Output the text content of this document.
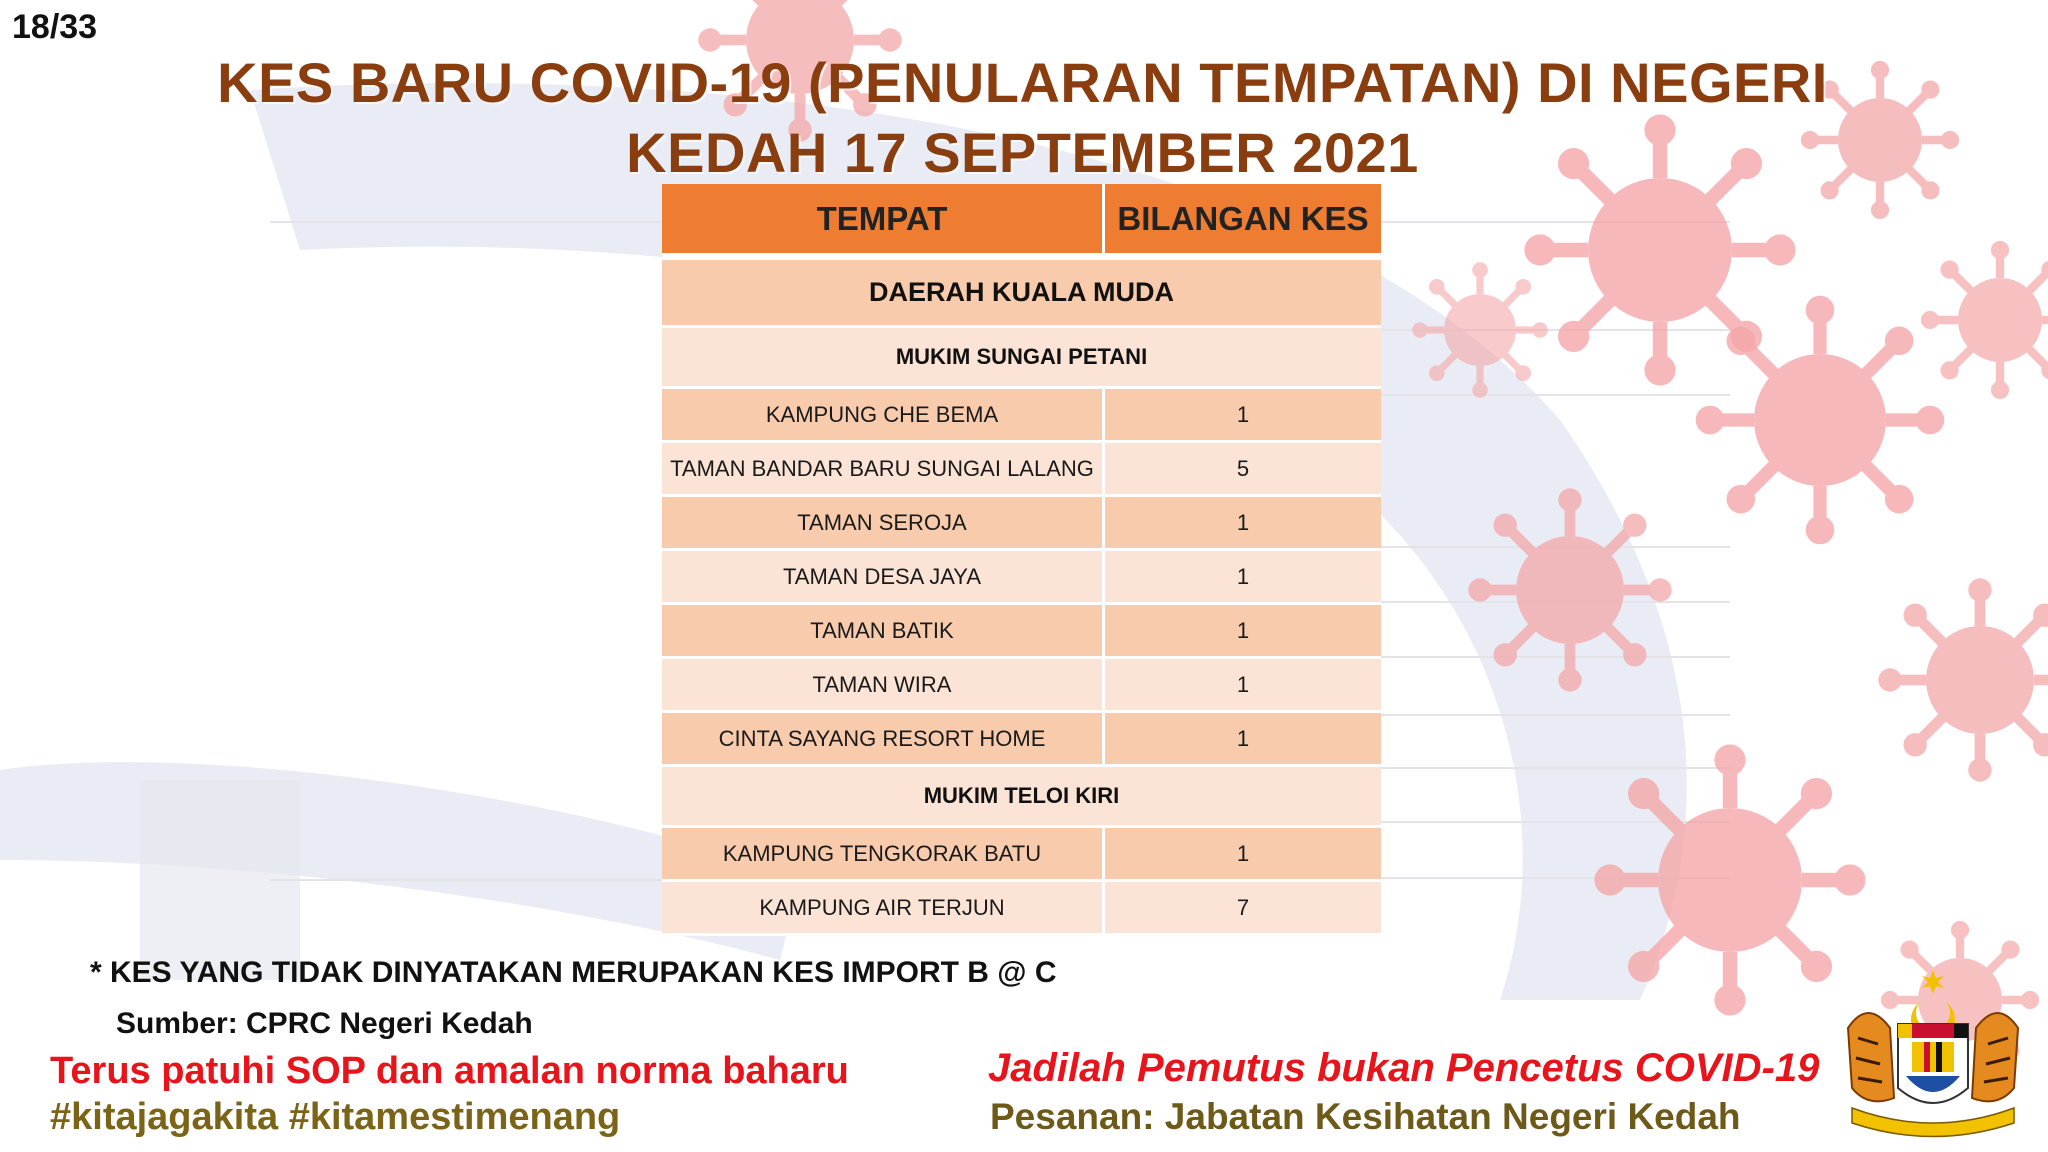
18/33
KES BARU COVID-19 (PENULARAN TEMPATAN) DI NEGERI
KEDAH 17 SEPTEMBER 2021
TEMPAT	BILANGAN KES
DAERAH KUALA MUDA
MUKIM SUNGAI PETANI
KAMPUNG CHE BEMA	1
TAMAN BANDAR BARU SUNGAI LALANG	5
TAMAN SEROJA	1
TAMAN DESA JAYA	1
TAMAN BATIK	1
TAMAN WIRA	1
CINTA SAYANG RESORT HOME	1
MUKIM TELOI KIRI
KAMPUNG TENGKORAK BATU	1
KAMPUNG AIR TERJUN	7
* KES YANG TIDAK DINYATAKAN MERUPAKAN KES IMPORT B @ C
Sumber: CPRC Negeri Kedah
Terus patuhi SOP dan amalan norma baharu
#kitajagakita #kitamestimenang
Jadilah Pemutus bukan Pencetus COVID-19
Pesanan: Jabatan Kesihatan Negeri Kedah
